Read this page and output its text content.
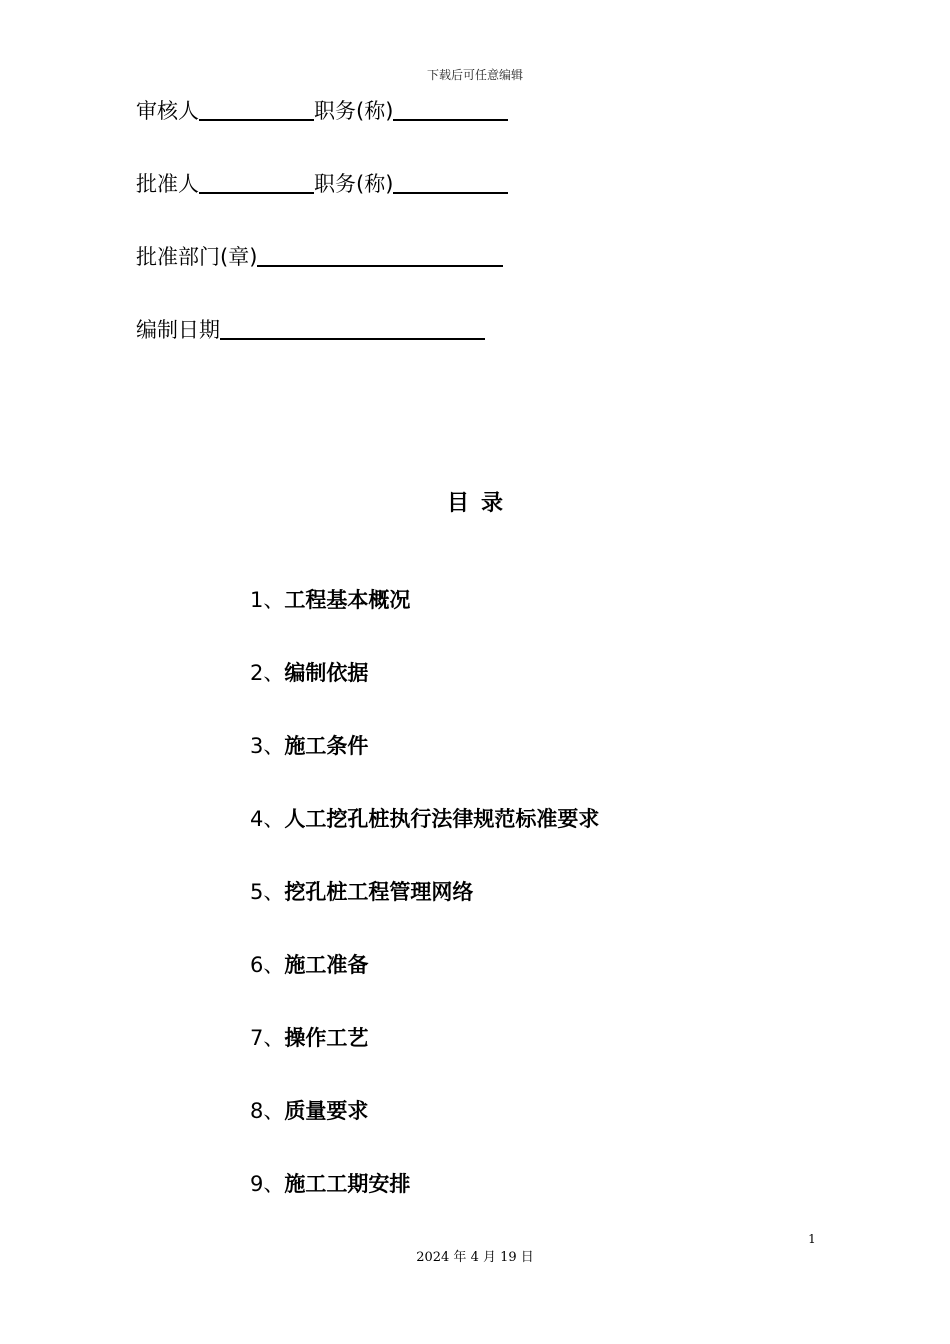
下载后可任意编辑
审核人	职务(称)
批准人	职务(称)
批准部门(章)
编制日期
目录
1、工程基本概况
2、编制依据
3、施工条件
4、人工挖孔桩执行法律规范标准要求
5、挖孔桩工程管理网络
6、施工准备
7、操作工艺
8、质量要求
9、施工工期安排
1
2024 年 4 月 19 日
